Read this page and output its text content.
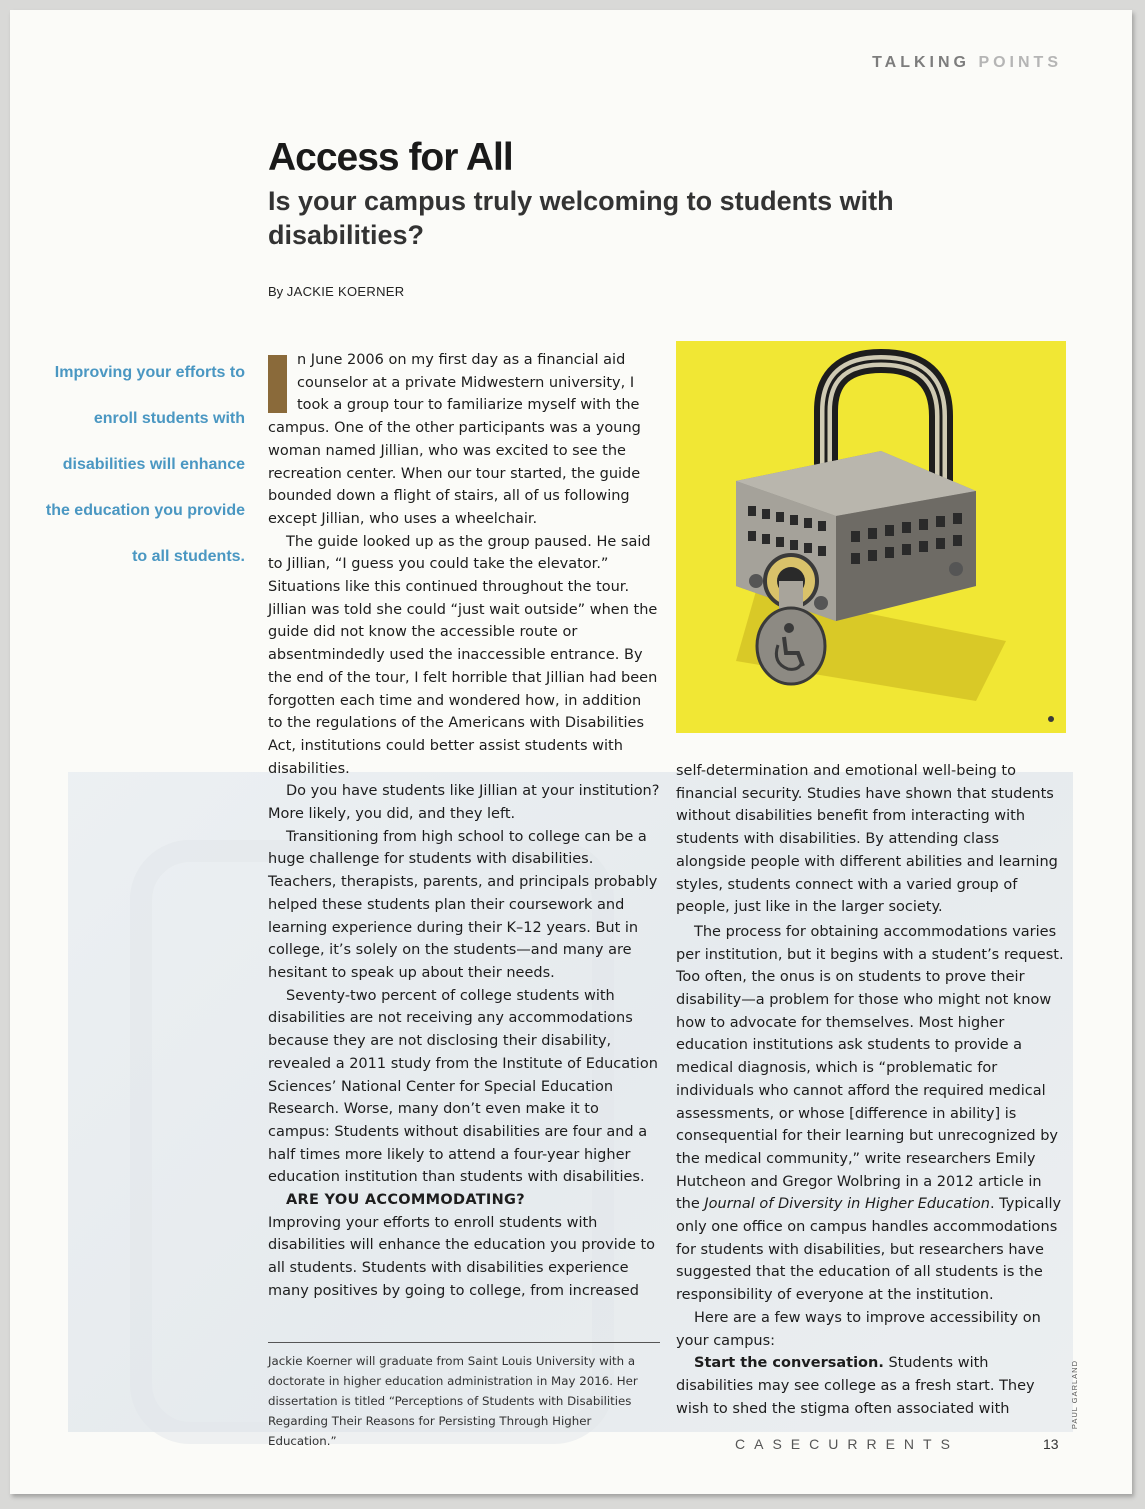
TALKING POINTS
Access for All
Is your campus truly welcoming to students with disabilities?
By JACKIE KOERNER

Improving your efforts to enroll students with disabilities will enhance the education you provide to all students.

n June 2006 on my first day as a financial aid counselor at a private Midwestern university, I took a group tour to familiarize myself with the campus. One of the other participants was a young woman named Jillian, who was excited to see the recreation center. When our tour started, the guide bounded down a flight of stairs, all of us following except Jillian, who uses a wheelchair.

The guide looked up as the group paused. He said to Jillian, “I guess you could take the elevator.” Situations like this continued throughout the tour. Jillian was told she could “just wait outside” when the guide did not know the accessible route or absentmindedly used the inaccessible entrance. By the end of the tour, I felt horrible that Jillian had been forgotten each time and wondered how, in addition to the regulations of the Americans with Disabilities Act, institutions could better assist students with disabilities.

Do you have students like Jillian at your institution? More likely, you did, and they left.

Transitioning from high school to college can be a huge challenge for students with disabilities. Teachers, therapists, parents, and principals probably helped these students plan their coursework and learning experience during their K–12 years. But in college, it’s solely on the students—and many are hesitant to speak up about their needs.

Seventy-two percent of college students with disabilities are not receiving any accommodations because they are not disclosing their disability, revealed a 2011 study from the Institute of Education Sciences’ National Center for Special Education Research. Worse, many don’t even make it to campus: Students without disabilities are four and a half times more likely to attend a four-year higher education institution than students with disabilities.

ARE YOU ACCOMMODATING?

Improving your efforts to enroll students with disabilities will enhance the education you provide to all students. Students with disabilities experience many positives by going to college, from increased

Jackie Koerner will graduate from Saint Louis University with a doctorate in higher education administration in May 2016. Her dissertation is titled “Perceptions of Students with Disabilities Regarding Their Reasons for Persisting Through Higher Education.”

self-determination and emotional well-being to financial security. Studies have shown that students without disabilities benefit from interacting with students with disabilities. By attending class alongside people with different abilities and learning styles, students connect with a varied group of people, just like in the larger society.

The process for obtaining accommodations varies per institution, but it begins with a student’s request. Too often, the onus is on students to prove their disability—a problem for those who might not know how to advocate for themselves. Most higher education institutions ask students to provide a medical diagnosis, which is “problematic for individuals who cannot afford the required medical assessments, or whose [difference in ability] is consequential for their learning but unrecognized by the medical community,” write researchers Emily Hutcheon and Gregor Wolbring in a 2012 article in the Journal of Diversity in Higher Education. Typically only one office on campus handles accommodations for students with disabilities, but researchers have suggested that the education of all students is the responsibility of everyone at the institution.

Here are a few ways to improve accessibility on your campus:

Start the conversation. Students with disabilities may see college as a fresh start. They wish to shed the stigma often associated with	PAUL GARLAND
CASECURRENTS	13
